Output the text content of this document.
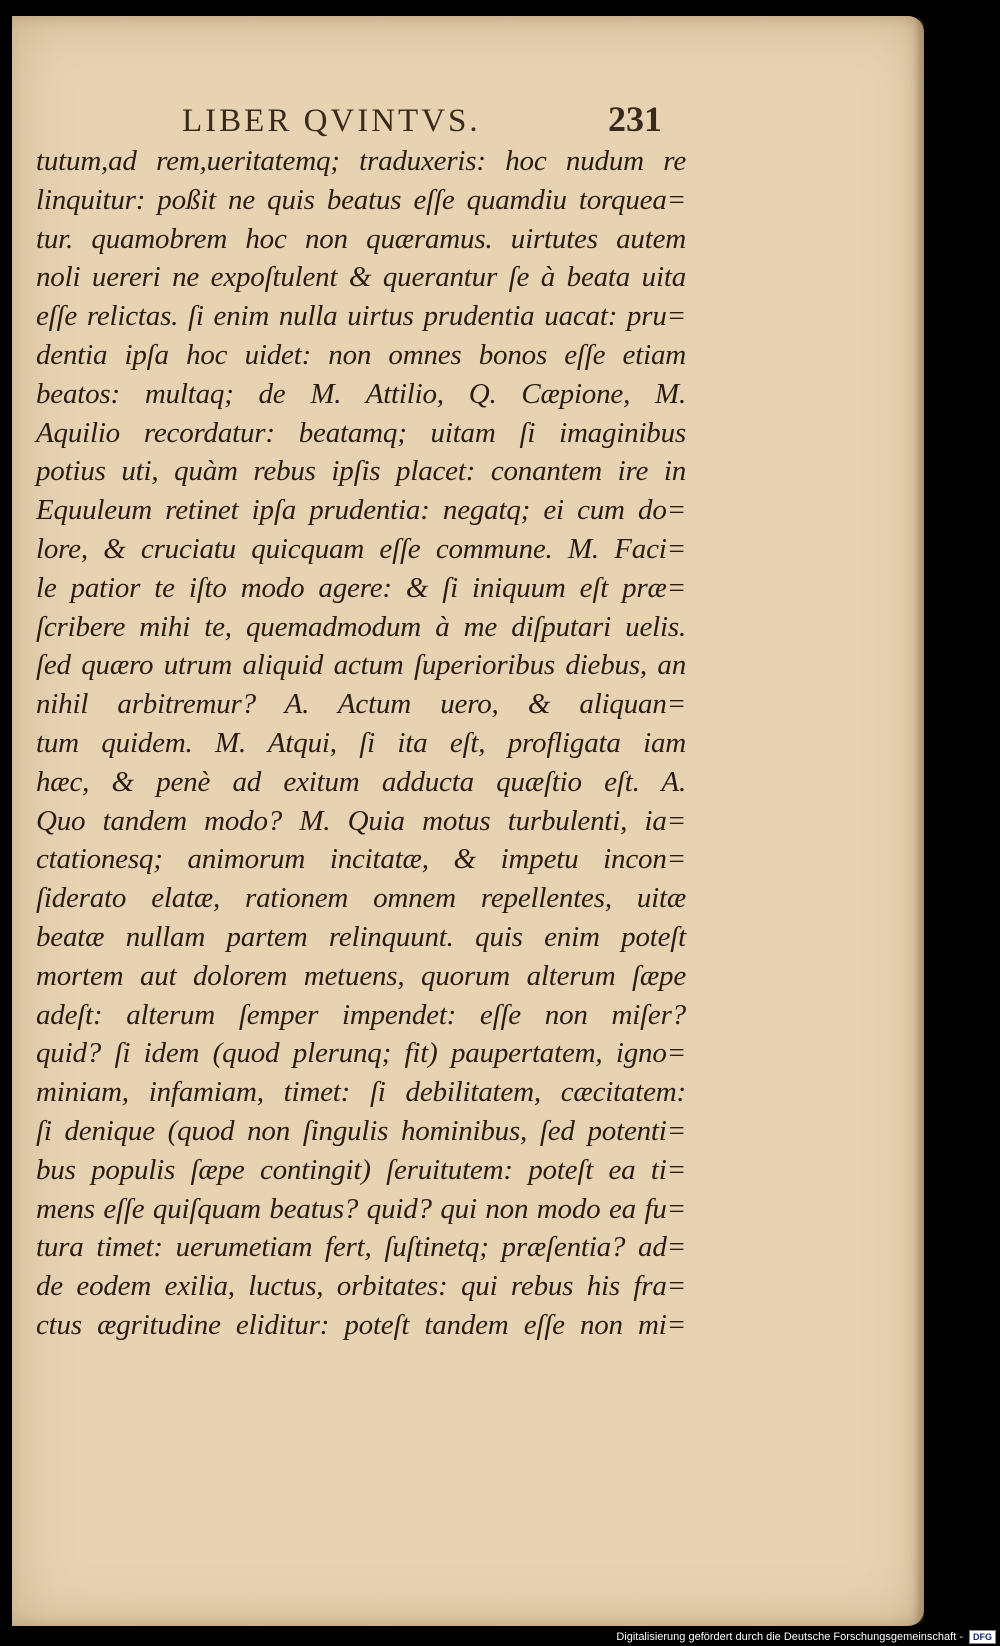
LIBER QVINTVS.	231
tutum,ad rem,ueritatemq; traduxeris: hoc nudum re
linquitur: poßit ne quis beatus eſſe quamdiu torquea=
tur. quamobrem hoc non quæramus. uirtutes autem
noli uereri ne expoſtulent & querantur ſe à beata uita
eſſe relictas. ſi enim nulla uirtus prudentia uacat: pru=
dentia ipſa hoc uidet: non omnes bonos eſſe etiam
beatos: multaq; de M. Attilio, Q. Cæpione, M.
Aquilio recordatur: beatamq; uitam ſi imaginibus
potius uti, quàm rebus ipſis placet: conantem ire in
Equuleum retinet ipſa prudentia: negatq; ei cum do=
lore, & cruciatu quicquam eſſe commune. M. Faci=
le patior te iſto modo agere: & ſi iniquum eſt præ=
ſcribere mihi te, quemadmodum à me diſputari uelis.
ſed quæro utrum aliquid actum ſuperioribus diebus, an
nihil arbitremur? A. Actum uero, & aliquan=
tum quidem. M. Atqui, ſi ita eſt, profligata iam
hæc, & penè ad exitum adducta quæſtio eſt. A.
Quo tandem modo? M. Quia motus turbulenti, ia=
ctationesq; animorum incitatæ, & impetu incon=
ſiderato elatæ, rationem omnem repellentes, uitæ
beatæ nullam partem relinquunt. quis enim poteſt
mortem aut dolorem metuens, quorum alterum ſæpe
adeſt: alterum ſemper impendet: eſſe non miſer?
quid? ſi idem (quod plerunq; fit) paupertatem, igno=
miniam, infamiam, timet: ſi debilitatem, cæcitatem:
ſi denique (quod non ſingulis hominibus, ſed potenti=
bus populis ſæpe contingit) ſeruitutem: poteſt ea ti=
mens eſſe quiſquam beatus? quid? qui non modo ea fu=
tura timet: uerumetiam fert, ſuſtinetq; præſentia? ad=
de eodem exilia, luctus, orbitates: qui rebus his fra=
ctus ægritudine eliditur: poteſt tandem eſſe non mi=
Digitalisierung gefördert durch die Deutsche Forschungsgemeinschaft -	DFG
